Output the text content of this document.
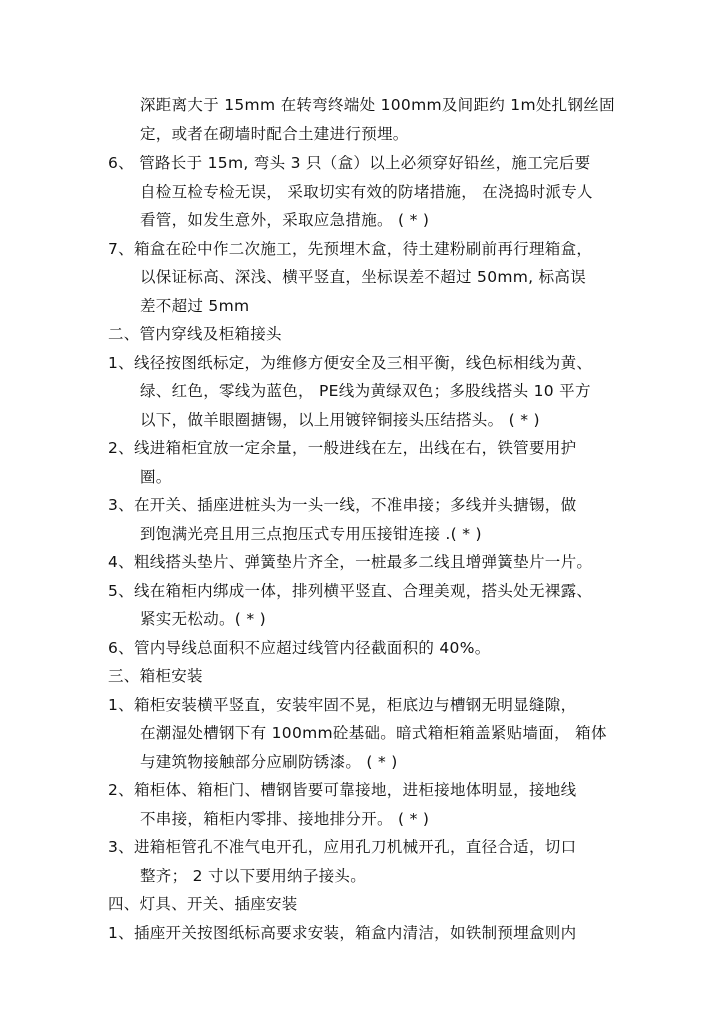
深距离大于 15mm 在转弯终端处 100mm及间距约 1m处扎钢丝固
定，或者在砌墙时配合土建进行预埋。
6、 管路长于 15m, 弯头 3 只（盒）以上必须穿好铅丝，施工完后要
自检互检专检无误， 采取切实有效的防堵措施， 在浇捣时派专人
看管，如发生意外，采取应急措施。 ( * )
7、箱盒在砼中作二次施工，先预埋木盒，待土建粉刷前再行理箱盒，
以保证标高、深浅、横平竖直，坐标误差不超过 50mm, 标高误
差不超过 5mm
二、管内穿线及柜箱接头
1、线径按图纸标定，为维修方便安全及三相平衡，线色标相线为黄、
绿、红色，零线为蓝色， PE线为黄绿双色；多股线搭头 10 平方
以下，做羊眼圈搪锡，以上用镀锌铜接头压结搭头。 ( * )
2、线进箱柜宜放一定余量，一般进线在左，出线在右，铁管要用护
圈。
3、在开关、插座进桩头为一头一线，不准串接；多线并头搪锡，做
到饱满光亮且用三点抱压式专用压接钳连接 .( * )
4、粗线搭头垫片、弹簧垫片齐全，一桩最多二线且增弹簧垫片一片。
5、线在箱柜内绑成一体，排列横平竖直、合理美观，搭头处无裸露、
紧实无松动。( * )
6、管内导线总面积不应超过线管内径截面积的 40%。
三、箱柜安装
1、箱柜安装横平竖直，安装牢固不晃，柜底边与槽钢无明显缝隙，
在潮湿处槽钢下有 100mm砼基础。暗式箱柜箱盖紧贴墙面， 箱体
与建筑物接触部分应刷防锈漆。 ( * )
2、箱柜体、箱柜门、槽钢皆要可靠接地，进柜接地体明显，接地线
不串接，箱柜内零排、接地排分开。 ( * )
3、进箱柜管孔不准气电开孔，应用孔刀机械开孔，直径合适，切口
整齐； 2 寸以下要用纳子接头。
四、灯具、开关、插座安装
1、插座开关按图纸标高要求安装，箱盒内清洁，如铁制预埋盒则内
